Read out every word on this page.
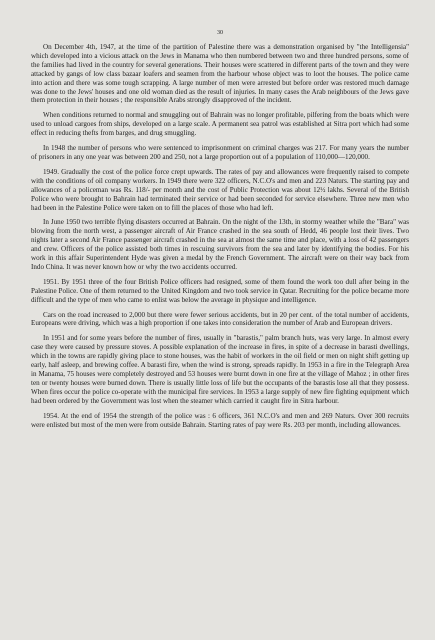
30

On December 4th, 1947, at the time of the partition of Palestine there was a demonstration organised by "the Intelligensia" which developed into a vicious attack on the Jews in Manama who then numbered between two and three hundred persons, some of the families had lived in the country for several generations. Their houses were scattered in different parts of the town and they were attacked by gangs of low class bazaar loafers and seamen from the harbour whose object was to loot the houses. The police came into action and there was some tough scrapping. A large number of men were arrested but before order was restored much damage was done to the Jews' houses and one old woman died as the result of injuries. In many cases the Arab neighbours of the Jews gave them protection in their houses ; the responsible Arabs strongly disapproved of the incident.

When conditions returned to normal and smuggling out of Bahrain was no longer profitable, pilfering from the boats which were used to unload cargoes from ships, developed on a large scale. A permanent sea patrol was established at Sitra port which had some effect in reducing thefts from barges, and drug smuggling.

In 1948 the number of persons who were sentenced to imprisonment on criminal charges was 217. For many years the number of prisoners in any one year was between 200 and 250, not a large proportion out of a population of 110,000—120,000.

1949. Gradually the cost of the police force crept upwards. The rates of pay and allowances were frequently raised to compete with the conditions of oil company workers. In 1949 there were 322 officers, N.C.O's and men and 223 Naturs. The starting pay and allowances of a policeman was Rs. 118/- per month and the cost of Public Protection was about 12½ lakhs. Several of the British Police who were brought to Bahrain had terminated their service or had been seconded for service elsewhere. Three new men who had been in the Palestine Police were taken on to fill the places of those who had left.

In June 1950 two terrible flying disasters occurred at Bahrain. On the night of the 13th, in stormy weather while the "Bara" was blowing from the north west, a passenger aircraft of Air France crashed in the sea south of Hedd, 46 people lost their lives. Two nights later a second Air France passenger aircraft crashed in the sea at almost the same time and place, with a loss of 42 passengers and crew. Officers of the police assisted both times in rescuing survivors from the sea and later by identifying the bodies. For his work in this affair Superintendent Hyde was given a medal by the French Government. The aircraft were on their way back from Indo China. It was never known how or why the two accidents occurred.

1951. By 1951 three of the four British Police officers had resigned, some of them found the work too dull after being in the Palestine Police. One of them returned to the United Kingdom and two took service in Qatar. Recruiting for the police became more difficult and the type of men who came to enlist was below the average in physique and intelligence.

Cars on the road increased to 2,000 but there were fewer serious accidents, but in 20 per cent. of the total number of accidents, Europeans were driving, which was a high proportion if one takes into consideration the number of Arab and European drivers.

In 1951 and for some years before the number of fires, usually in "barastis," palm branch huts, was very large. In almost every case they were caused by pressure stoves. A possible explanation of the increase in fires, in spite of a decrease in barasti dwellings, which in the towns are rapidly giving place to stone houses, was the habit of workers in the oil field or men on night shift getting up early, half asleep, and brewing coffee. A barasti fire, when the wind is strong, spreads rapidly. In 1953 in a fire in the Telegraph Area in Manama, 75 houses were completely destroyed and 53 houses were burnt down in one fire at the village of Mahoz ; in other fires ten or twenty houses were burned down. There is usually little loss of life but the occupants of the barastis lose all that they possess. When fires occur the police co-operate with the municipal fire services. In 1953 a large supply of new fire fighting equipment which had been ordered by the Government was lost when the steamer which carried it caught fire in Sitra harbour.

1954. At the end of 1954 the strength of the police was : 6 officers, 361 N.C.O's and men and 269 Naturs. Over 300 recruits were enlisted but most of the men were from outside Bahrain. Starting rates of pay were Rs. 203 per month, including allowances.
